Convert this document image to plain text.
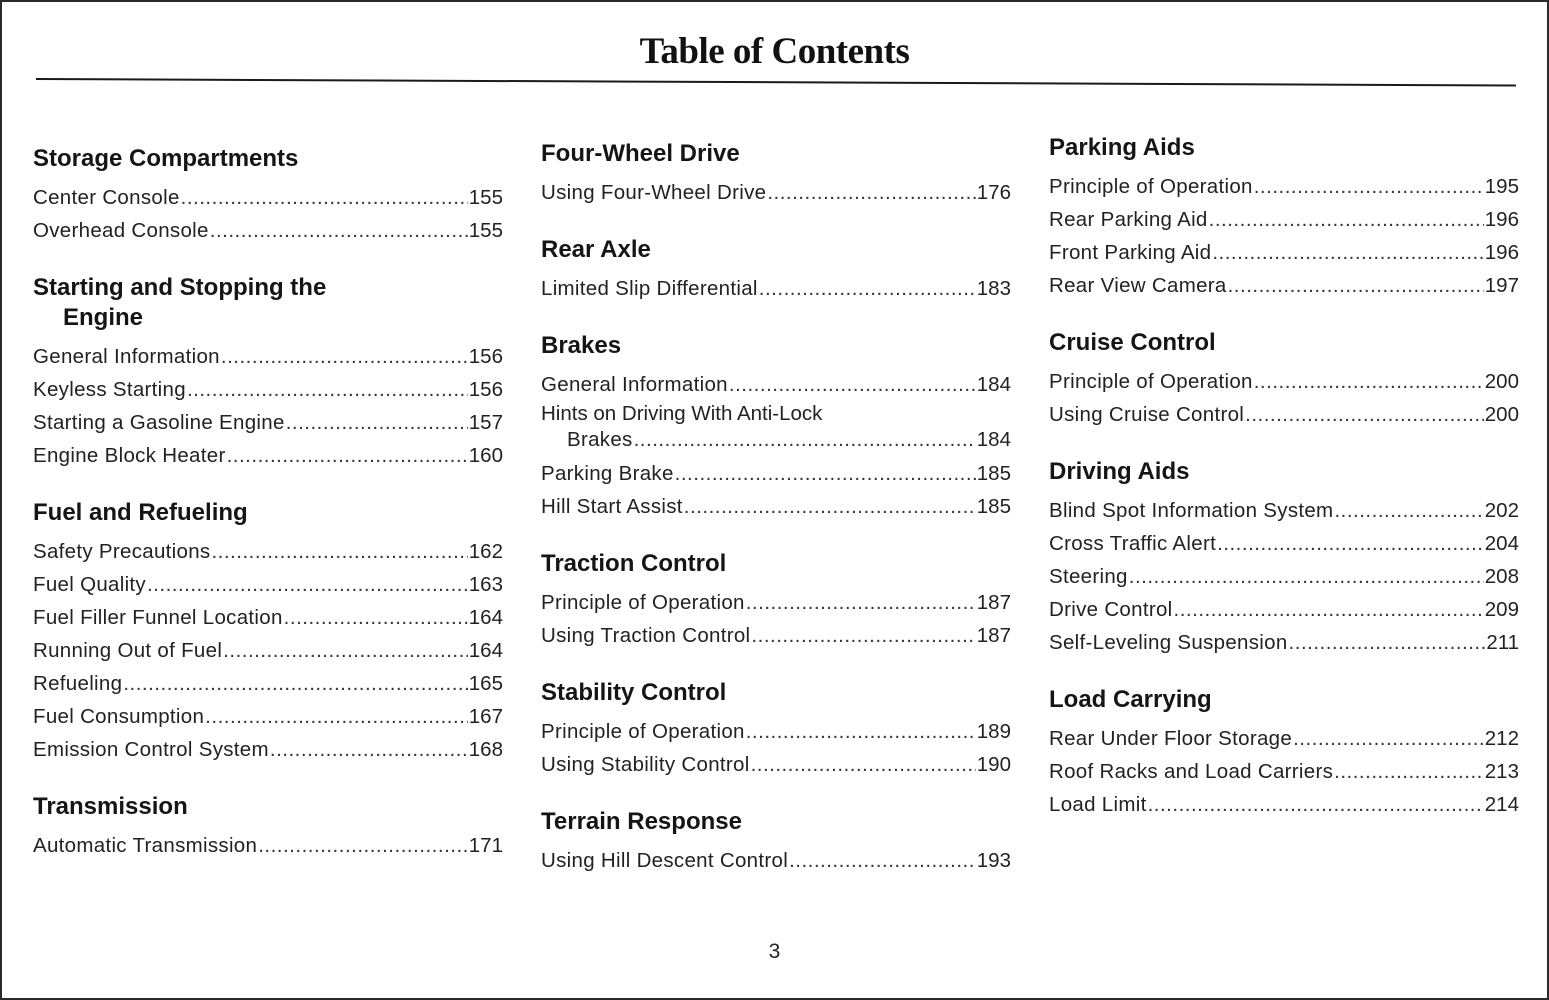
Table of Contents
Storage Compartments
Center Console .....	155
Overhead Console .....	155
Starting and Stopping the
Engine
General Information .....	156
Keyless Starting .....	156
Starting a Gasoline Engine .....	157
Engine Block Heater .....	160
Fuel and Refueling
Safety Precautions .....	162
Fuel Quality .....	163
Fuel Filler Funnel Location .....	164
Running Out of Fuel .....	164
Refueling .....	165
Fuel Consumption .....	167
Emission Control System .....	168
Transmission
Automatic Transmission .....	171
Four-Wheel Drive
Using Four-Wheel Drive .....	176
Rear Axle
Limited Slip Differential .....	183
Brakes
General Information .....	184
Hints on Driving With Anti-Lock
Brakes .....	184
Parking Brake .....	185
Hill Start Assist .....	185
Traction Control
Principle of Operation .....	187
Using Traction Control .....	187
Stability Control
Principle of Operation .....	189
Using Stability Control .....	190
Terrain Response
Using Hill Descent Control .....	193
Parking Aids
Principle of Operation .....	195
Rear Parking Aid .....	196
Front Parking Aid .....	196
Rear View Camera .....	197
Cruise Control
Principle of Operation .....	200
Using Cruise Control .....	200
Driving Aids
Blind Spot Information System .....	202
Cross Traffic Alert .....	204
Steering .....	208
Drive Control .....	209
Self-Leveling Suspension .....	211
Load Carrying
Rear Under Floor Storage .....	212
Roof Racks and Load Carriers .....	213
Load Limit .....	214
3
